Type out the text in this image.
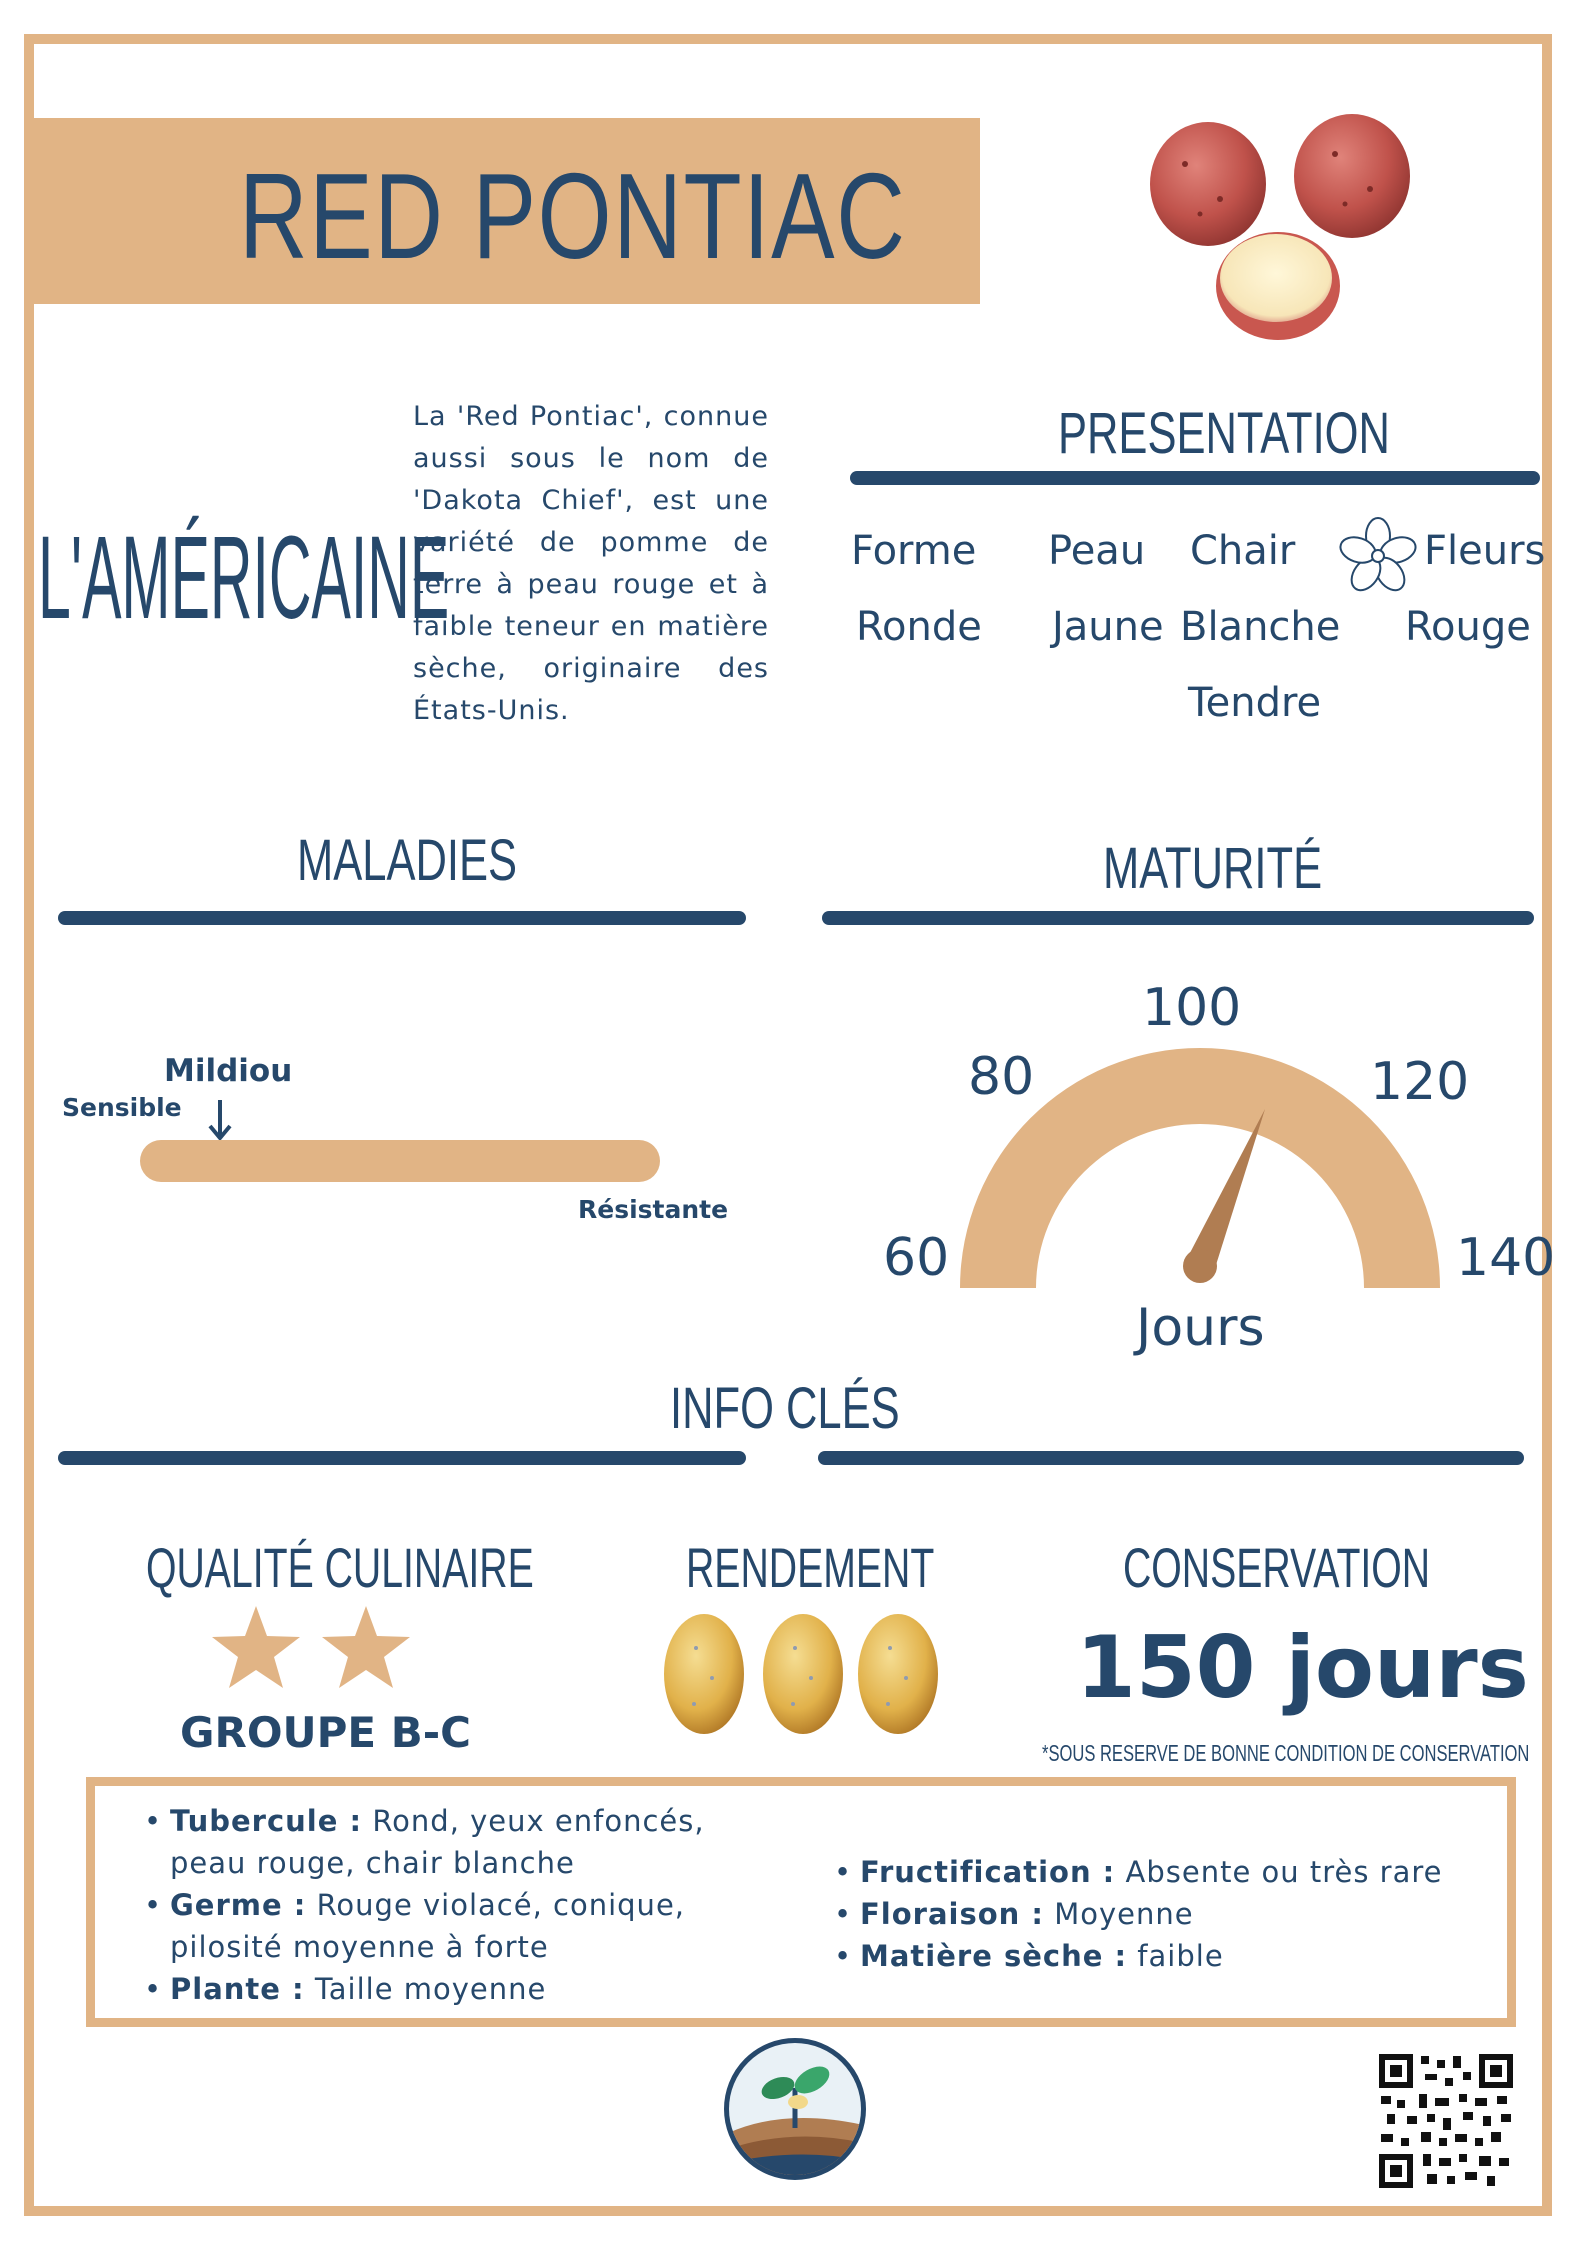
RED PONTIAC
L'AMÉRICAINE
La 'Red Pontiac', connue aussi sous le nom de 'Dakota Chief', est une variété de pomme de terre à peau rouge et à faible teneur en matière sèche, originaire des États-Unis.
PRESENTATION
Forme
Ronde
Peau
Jaune
Chair
Blanche
Tendre
Fleurs
Rouge
MALADIES
Mildiou
Sensible
Résistante
MATURITÉ
60
80
100
120
140
Jours
INFO CLÉS
QUALITÉ CULINAIRE
GROUPE B-C
RENDEMENT	CONSERVATION
150 jours
*SOUS RESERVE DE BONNE CONDITION DE CONSERVATION
• Tubercule : Rond, yeux enfoncés, peau rouge, chair blanche
• Germe : Rouge violacé, conique, pilosité moyenne à forte
• Plante : Taille moyenne
• Fructification : Absente ou très rare
• Floraison : Moyenne
• Matière sèche : faible
